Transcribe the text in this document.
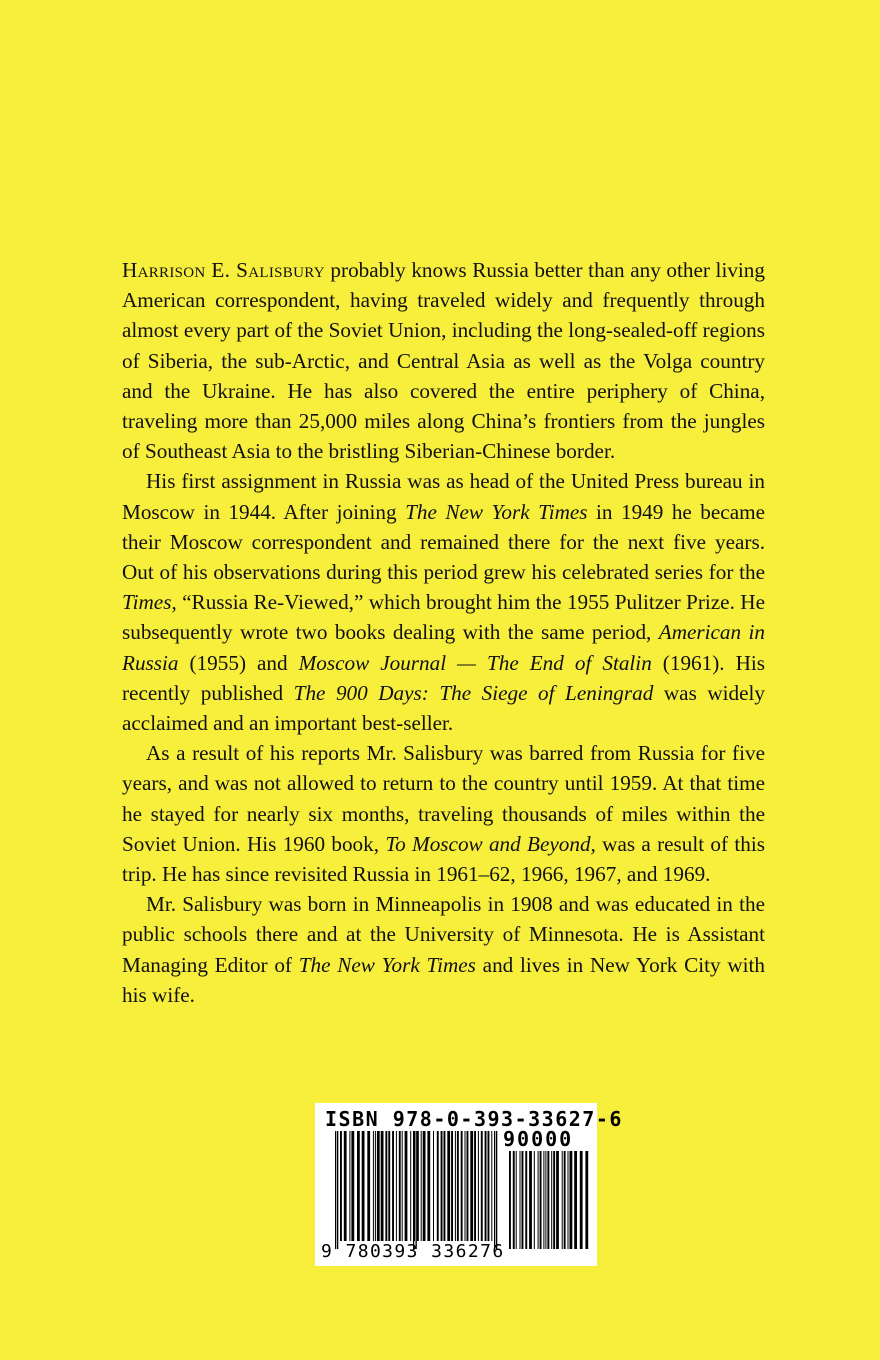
Harrison E. Salisbury probably knows Russia better than any other living American correspondent, having traveled widely and frequently through almost every part of the Soviet Union, including the long-sealed-off regions of Siberia, the sub-Arctic, and Central Asia as well as the Volga country and the Ukraine. He has also covered the entire periphery of China, traveling more than 25,000 miles along China’s frontiers from the jungles of Southeast Asia to the bristling Siberian-Chinese border.

His first assignment in Russia was as head of the United Press bureau in Moscow in 1944. After joining The New York Times in 1949 he became their Moscow correspondent and remained there for the next five years. Out of his observations during this period grew his celebrated series for the Times, “Russia Re-Viewed,” which brought him the 1955 Pulitzer Prize. He subsequently wrote two books dealing with the same period, American in Russia (1955) and Moscow Journal — The End of Stalin (1961). His recently published The 900 Days: The Siege of Leningrad was widely acclaimed and an important best-seller.

As a result of his reports Mr. Salisbury was barred from Russia for five years, and was not allowed to return to the country until 1959. At that time he stayed for nearly six months, traveling thousands of miles within the Soviet Union. His 1960 book, To Moscow and Beyond, was a result of this trip. He has since revisited Russia in 1961–62, 1966, 1967, and 1969.

Mr. Salisbury was born in Minneapolis in 1908 and was educated in the public schools there and at the University of Minnesota. He is Assistant Managing Editor of The New York Times and lives in New York City with his wife.

ISBN 978-0-393-33627-6
90000
9 780393 336276
